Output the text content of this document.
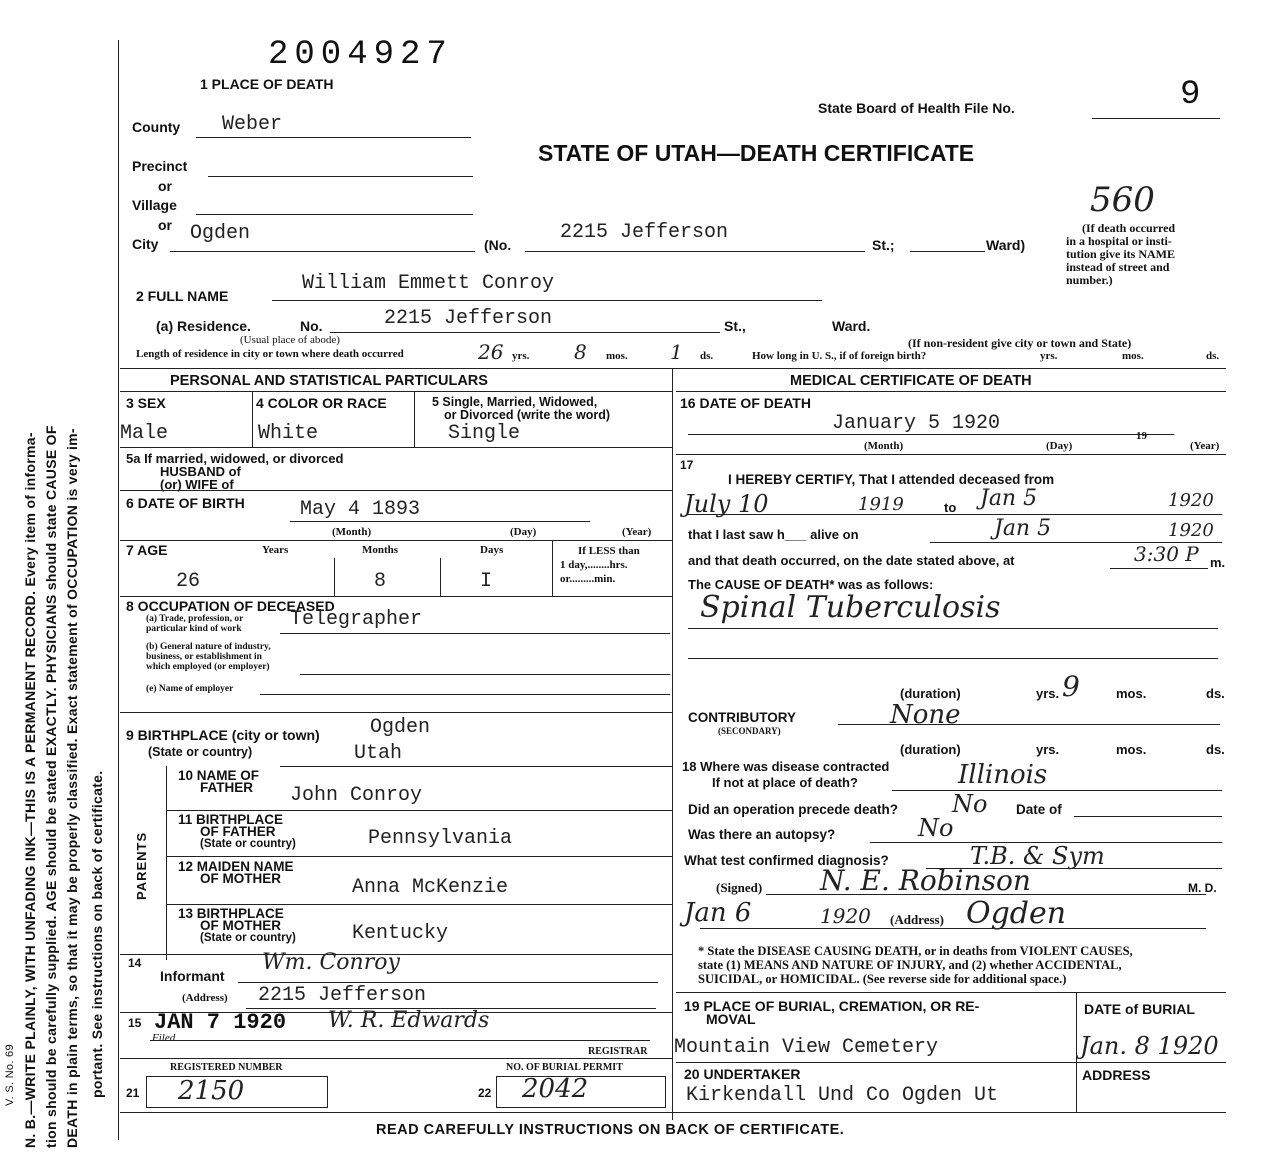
N. B.—WRITE PLAINLY, WITH UNFADING INK—THIS IS A PERMANENT RECORD. Every item of informa- tion should be carefully supplied. AGE should be stated EXACTLY. PHYSICIANS should state CAUSE OF DEATH in plain terms, so that it may be properly classified. Exact statement of OCCUPATION is very im- portant. See instructions on back of certificate.
V. S. No. 69
2004927
1 PLACE OF DEATH
State Board of Health File No.	9
STATE OF UTAH—DEATH CERTIFICATE
County Weber
Precinct
or
Village
or
City Ogden	(No.
2215 Jefferson
St.;	Ward)
560
(If death occurred
in a hospital or insti-
tution give its NAME
instead of street and
number.)
2 FULL NAME
William Emmett Conroy
(a) Residence.	No.	2215 Jefferson	St.,	Ward.
(Usual place of abode)	(If non-resident give city or town and State)
Length of residence in city or town where death occurred	26 yrs. 8 mos. 1 ds.	How long in U. S., if of foreign birth?	yrs.	mos.	ds.
PERSONAL AND STATISTICAL PARTICULARS	MEDICAL CERTIFICATE OF DEATH
3 SEX
Male
4 COLOR OR RACE
White
5 Single, Married, Widowed,
or Divorced (write the word)
Single
5a If married, widowed, or divorced
HUSBAND of
(or) WIFE of
6 DATE OF BIRTH	May 4 1893
(Month)	(Day)	(Year)
7 AGE	Years	Months	Days
26	8	I
If LESS than
1 day,........hrs.
or.........min.
8 OCCUPATION OF DECEASED
(a) Trade, profession, or
particular kind of work Telegrapher
(b) General nature of industry,
business, or establishment in
which employed (or employer)
(e) Name of employer
9 BIRTHPLACE (city or town)	Ogden
(State or country)	Utah
PARENTS
10 NAME OF
FATHER	John Conroy
11 BIRTHPLACE
OF FATHER
(State or country)	Pennsylvania
12 MAIDEN NAME
OF MOTHER	Anna McKenzie
13 BIRTHPLACE
OF MOTHER
(State or country)	Kentucky
14
Informant
Wm. Conroy
(Address) 2215 Jefferson
15 JAN 7 1920
Filed
W. R. Edwards
REGISTRAR
REGISTERED NUMBER
21 2150
NO. OF BURIAL PERMIT
22 2042
16 DATE OF DEATH
January 5 1920
19
(Month)	(Day)	(Year)
17
I HEREBY CERTIFY, That I attended deceased from
July 10	1919	to Jan 5	1920
that I last saw h___ alive on	Jan 5	1920
and that death occurred, on the date stated above, at	3:30 P m.
The CAUSE OF DEATH* was as follows:
Spinal Tuberculosis
(duration)	yrs. 9	mos.	ds.
CONTRIBUTORY
(SECONDARY)
None
(duration)	yrs.	mos.	ds.
18 Where was disease contracted
If not at place of death?	Illinois
Did an operation precede death? No Date of
Was there an autopsy?	No
What test confirmed diagnosis?	T.B. & Sym
(Signed) N. E. Robinson	M. D.
Jan 6	1920 (Address) Ogden
* State the DISEASE CAUSING DEATH, or in deaths from VIOLENT CAUSES,
state (1) MEANS AND NATURE OF INJURY, and (2) whether ACCIDENTAL,
SUICIDAL, or HOMICIDAL. (See reverse side for additional space.)
19 PLACE OF BURIAL, CREMATION, OR RE-
MOVAL
DATE of BURIAL
Mountain View Cemetery	Jan. 8 1920
20 UNDERTAKER	ADDRESS
Kirkendall Und Co Ogden Ut
READ CAREFULLY INSTRUCTIONS ON BACK OF CERTIFICATE.
